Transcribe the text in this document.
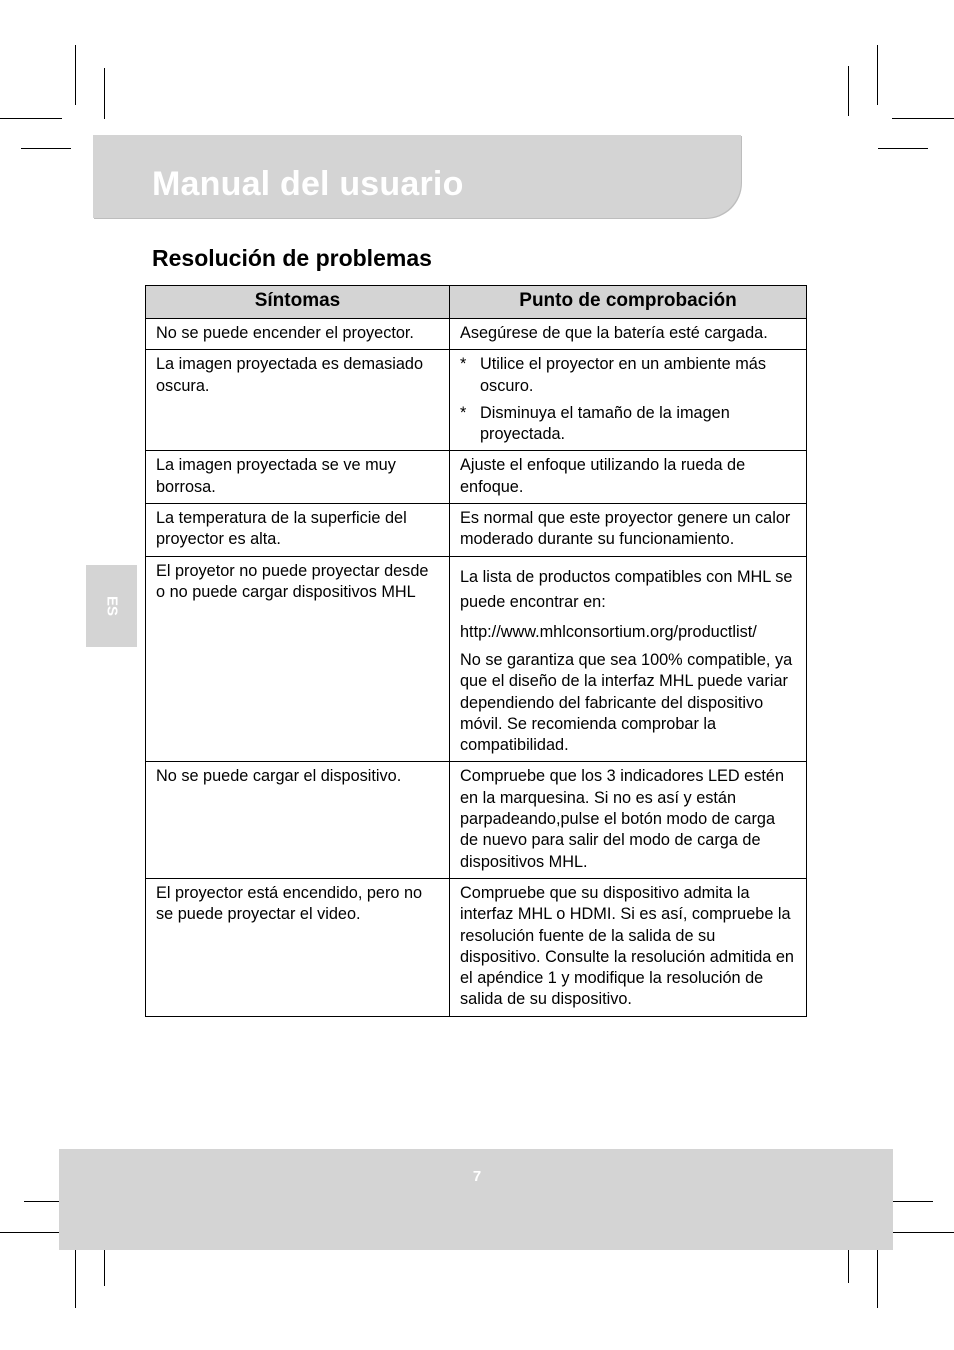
Manual del usuario
Resolución de problemas
ES
Síntomas	Punto de comprobación
No se puede encender el proyector.	Asegúrese de que la batería esté cargada.
La imagen proyectada es demasiado oscura.	* Utilice el proyector en un ambiente más oscuro.
* Disminuya el tamaño de la imagen proyectada.

La imagen proyectada se ve muy borrosa.	Ajuste el enfoque utilizando la rueda de enfoque.
La temperatura de la superficie del proyector es alta.	Es normal que este proyector genere un calor moderado durante su funcionamiento.
El proyetor no puede proyectar desde o no puede cargar dispositivos MHL	La lista de productos compatibles con MHL se puede encontrar en:
http://www.mhlconsortium.org/productlist/
No se garantiza que sea 100% compatible, ya que el diseño de la interfaz MHL puede variar dependiendo del fabricante del dispositivo móvil. Se recomienda comprobar la compatibilidad.

No se puede cargar el dispositivo.	Compruebe que los 3 indicadores LED estén en la marquesina. Si no es así y están parpadeando,pulse el botón modo de carga de nuevo para salir del modo de carga de dispositivos MHL.
El proyector está encendido, pero no se puede proyectar el video.	Compruebe que su dispositivo admita la interfaz MHL o HDMI. Si es así, compruebe la resolución fuente de la salida de su dispositivo. Consulte la resolución admitida en el apéndice 1 y modifique la resolución de salida de su dispositivo.
7
